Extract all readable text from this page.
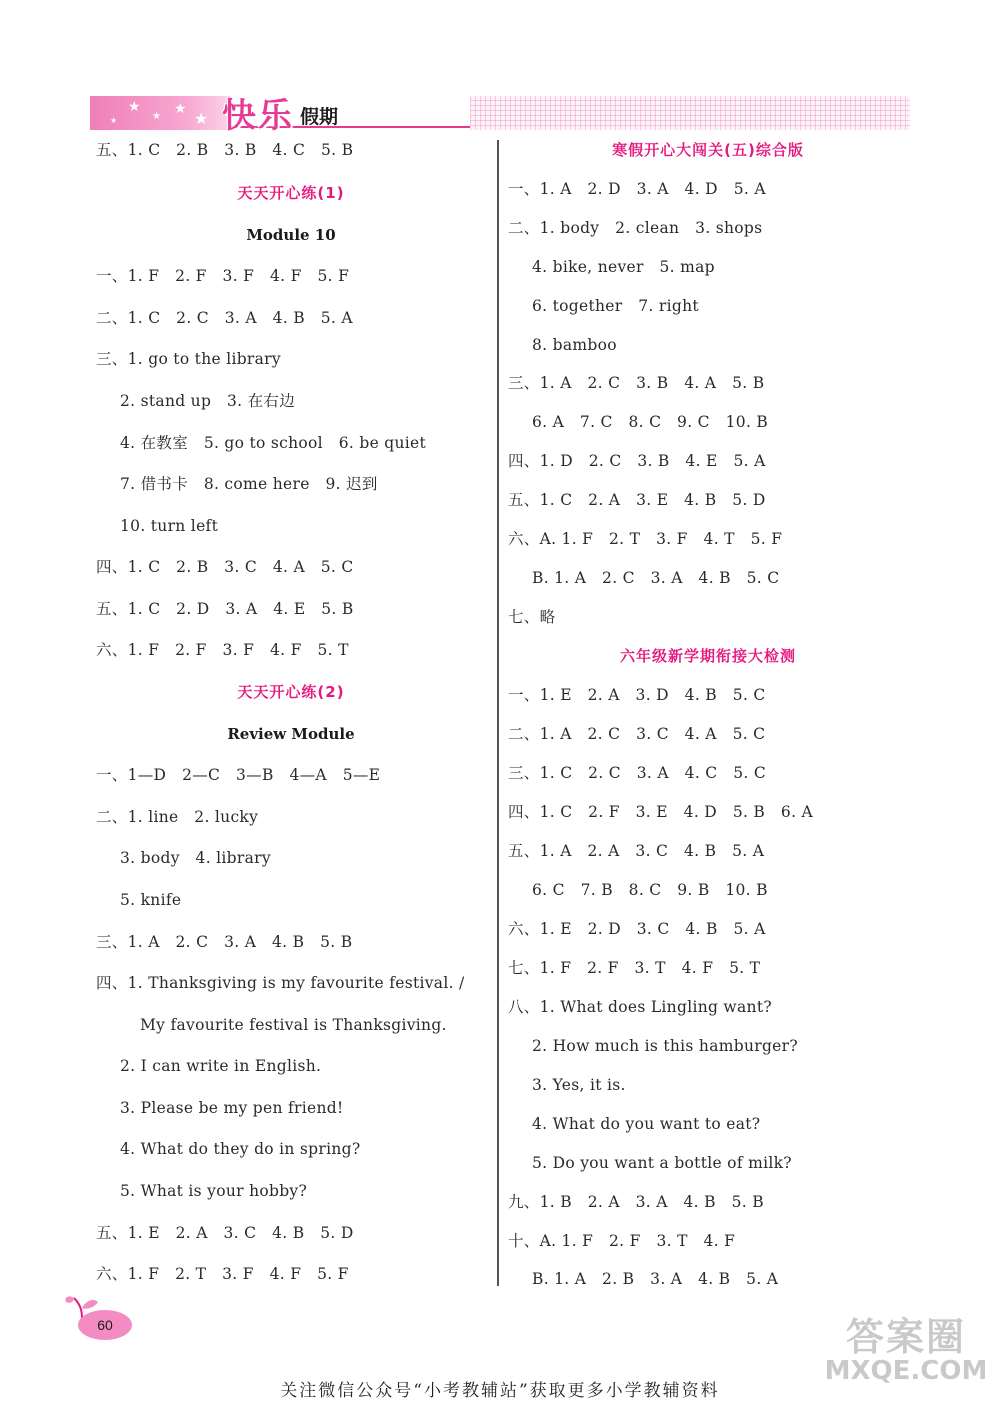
★
★ ★ ★
★	快乐 假期
五、1. C　2. B　3. B　4. C　5. B
天天开心练(1)
Module 10
一、1. F　2. F　3. F　4. F　5. F
二、1. C　2. C　3. A　4. B　5. A
三、1. go to the library
2. stand up　3. 在右边
4. 在教室　5. go to school　6. be quiet
7. 借书卡　8. come here　9. 迟到
10. turn left
四、1. C　2. B　3. C　4. A　5. C
五、1. C　2. D　3. A　4. E　5. B
六、1. F　2. F　3. F　4. F　5. T
天天开心练(2)
Review Module
一、1—D　2—C　3—B　4—A　5—E
二、1. line　2. lucky
3. body　4. library
5. knife
三、1. A　2. C　3. A　4. B　5. B
四、1. Thanksgiving is my favourite festival. /
My favourite festival is Thanksgiving.
2. I can write in English.
3. Please be my pen friend!
4. What do they do in spring?
5. What is your hobby?
五、1. E　2. A　3. C　4. B　5. D
六、1. F　2. T　3. F　4. F　5. F
寒假开心大闯关(五)综合版
一、1. A　2. D　3. A　4. D　5. A
二、1. body　2. clean　3. shops
4. bike, never　5. map
6. together　7. right
8. bamboo
三、1. A　2. C　3. B　4. A　5. B
6. A　7. C　8. C　9. C　10. B
四、1. D　2. C　3. B　4. E　5. A
五、1. C　2. A　3. E　4. B　5. D
六、A. 1. F　2. T　3. F　4. T　5. F
B. 1. A　2. C　3. A　4. B　5. C
七、略
六年级新学期衔接大检测
一、1. E　2. A　3. D　4. B　5. C
二、1. A　2. C　3. C　4. A　5. C
三、1. C　2. C　3. A　4. C　5. C
四、1. C　2. F　3. E　4. D　5. B　6. A
五、1. A　2. A　3. C　4. B　5. A
6. C　7. B　8. C　9. B　10. B
六、1. E　2. D　3. C　4. B　5. A
七、1. F　2. F　3. T　4. F　5. T
八、1. What does Lingling want?
2. How much is this hamburger?
3. Yes, it is.
4. What do you want to eat?
5. Do you want a bottle of milk?
九、1. B　2. A　3. A　4. B　5. B
十、A. 1. F　2. F　3. T　4. F
B. 1. A　2. B　3. A　4. B　5. A
60	答案圈
MXQE.COM
关注微信公众号“小考教辅站”获取更多小学教辅资料
